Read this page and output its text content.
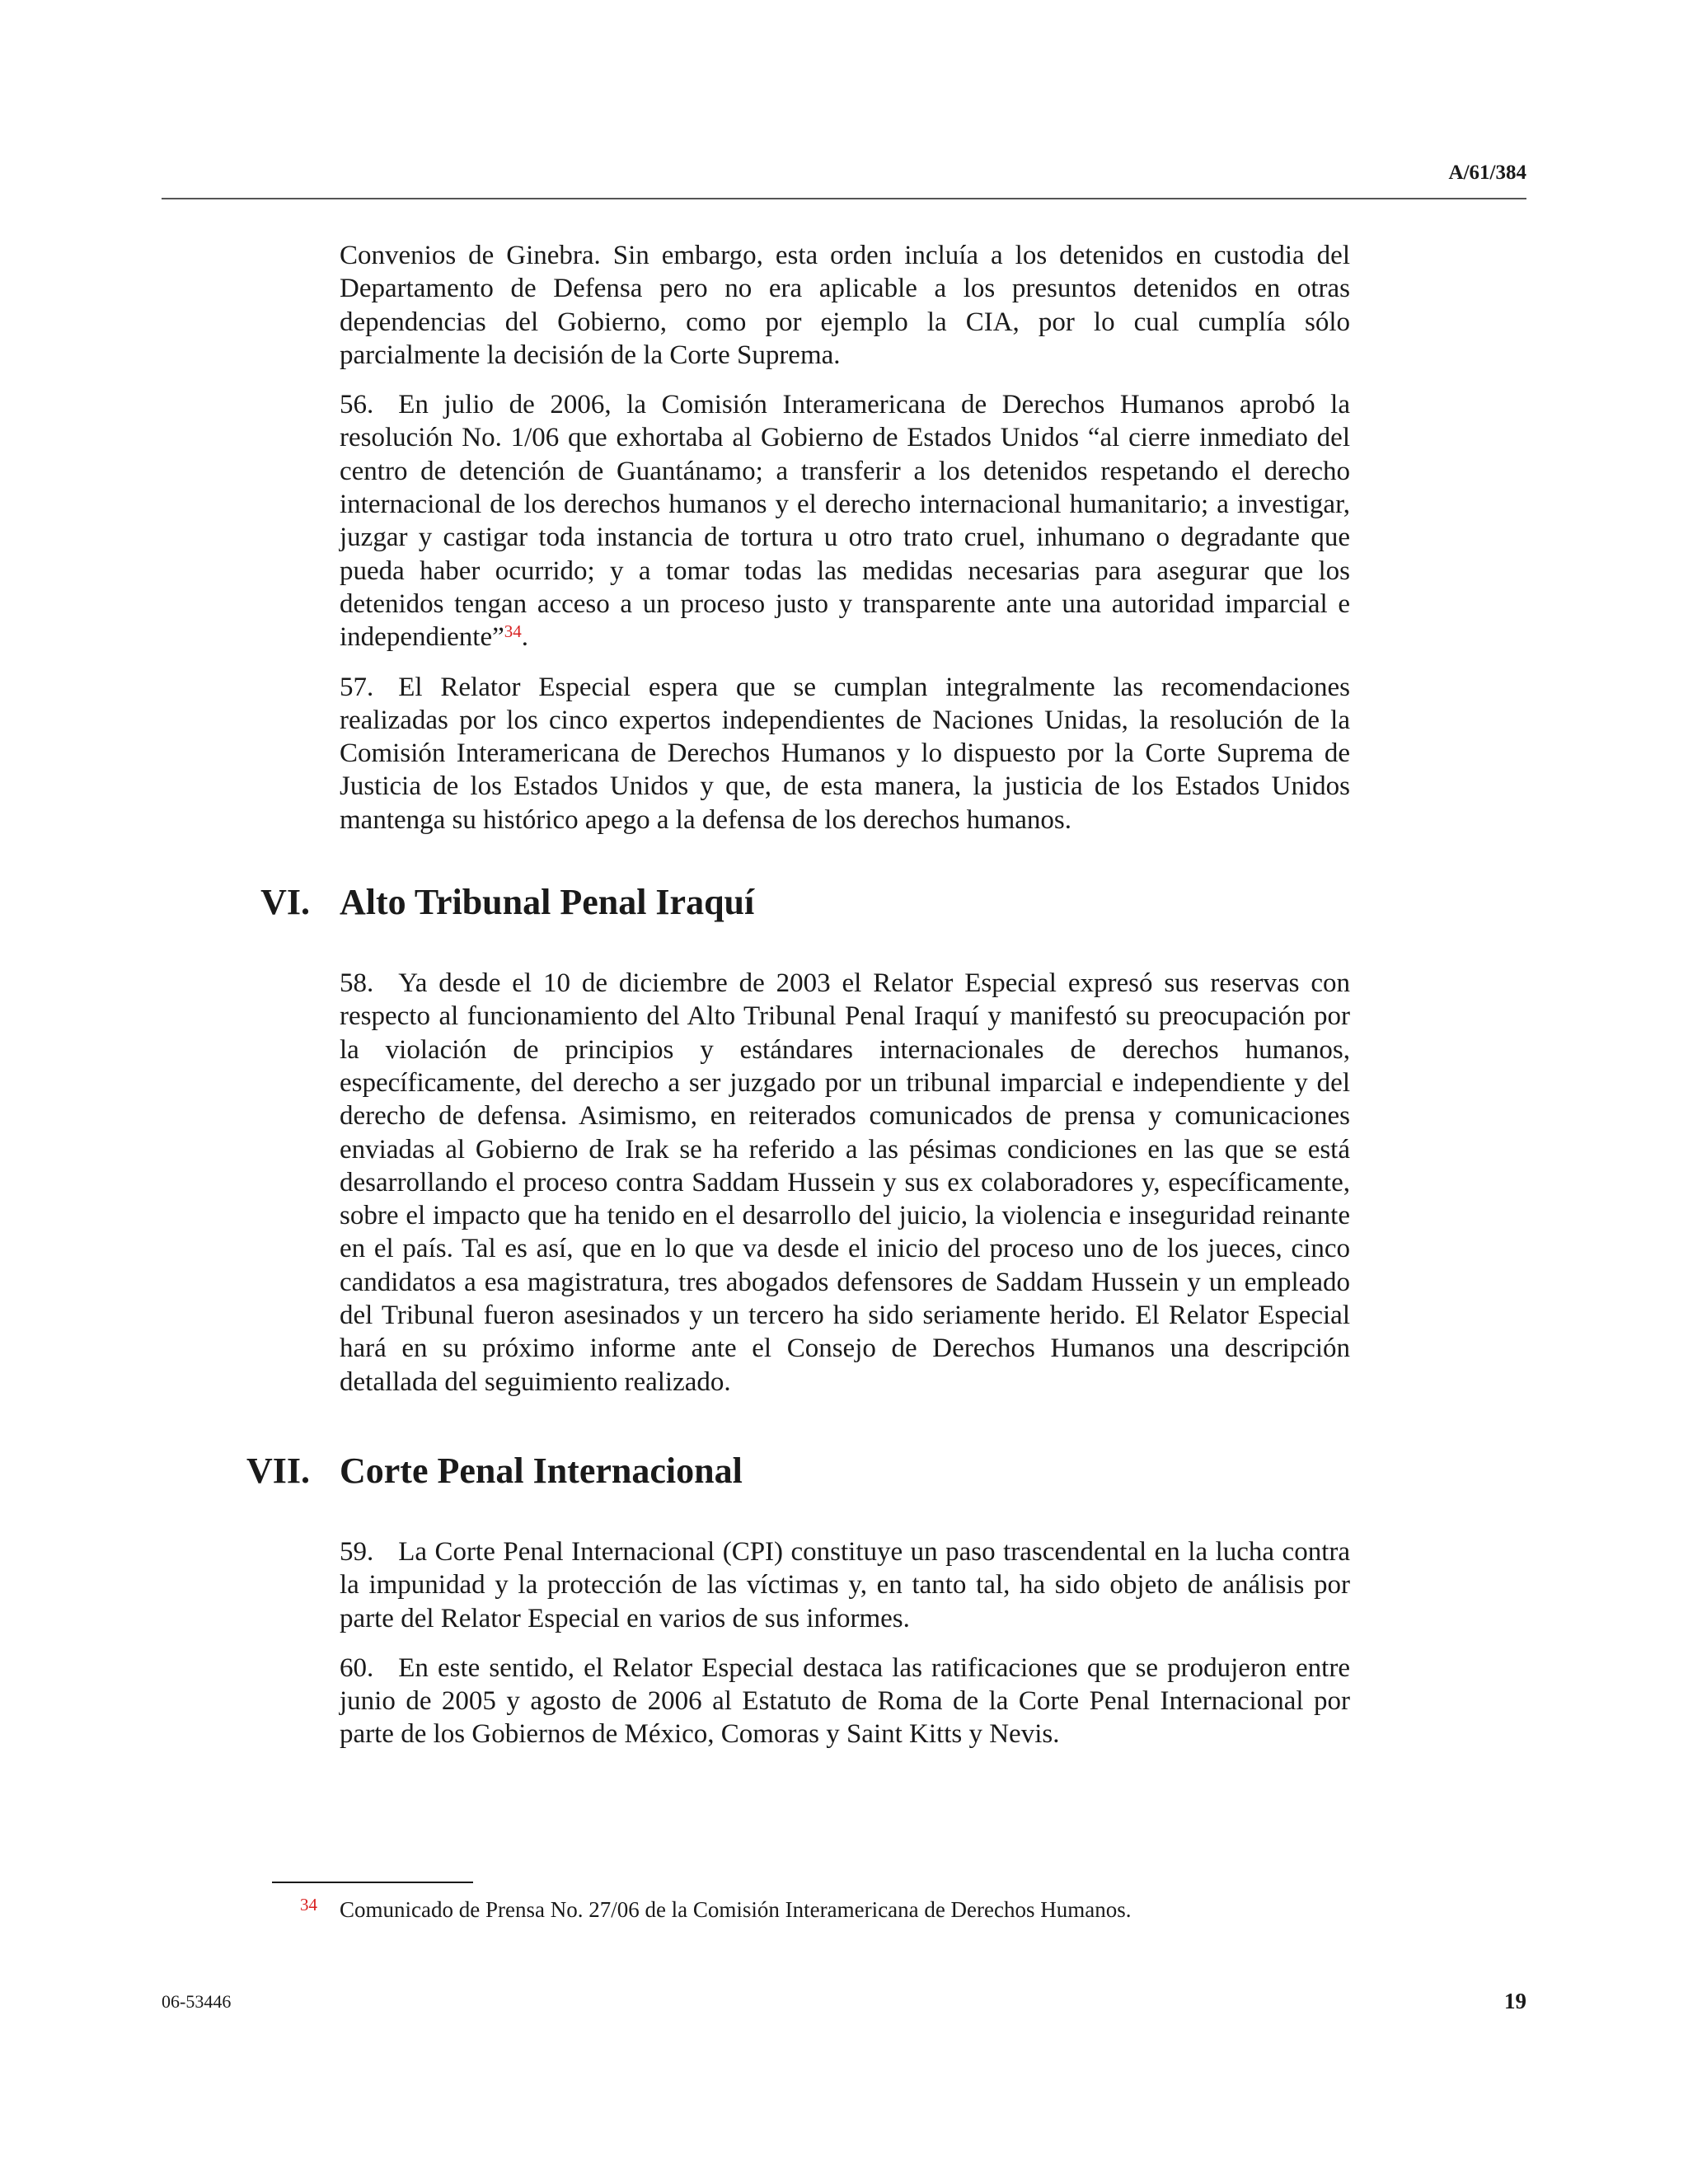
A/61/384

Convenios de Ginebra. Sin embargo, esta orden incluía a los detenidos en custodia del Departamento de Defensa pero no era aplicable a los presuntos detenidos en otras dependencias del Gobierno, como por ejemplo la CIA, por lo cual cumplía sólo parcialmente la decisión de la Corte Suprema.

56. En julio de 2006, la Comisión Interamericana de Derechos Humanos aprobó la resolución No. 1/06 que exhortaba al Gobierno de Estados Unidos “al cierre inmediato del centro de detención de Guantánamo; a transferir a los detenidos respetando el derecho internacional de los derechos humanos y el derecho internacional humanitario; a investigar, juzgar y castigar toda instancia de tortura u otro trato cruel, inhumano o degradante que pueda haber ocurrido; y a tomar todas las medidas necesarias para asegurar que los detenidos tengan acceso a un proceso justo y transparente ante una autoridad imparcial e independiente”$^{34}$.

57. El Relator Especial espera que se cumplan integralmente las recomendaciones realizadas por los cinco expertos independientes de Naciones Unidas, la resolución de la Comisión Interamericana de Derechos Humanos y lo dispuesto por la Corte Suprema de Justicia de los Estados Unidos y que, de esta manera, la justicia de los Estados Unidos mantenga su histórico apego a la defensa de los derechos humanos.

VI. Alto Tribunal Penal Iraquí

58. Ya desde el 10 de diciembre de 2003 el Relator Especial expresó sus reservas con respecto al funcionamiento del Alto Tribunal Penal Iraquí y manifestó su preocupación por la violación de principios y estándares internacionales de derechos humanos, específicamente, del derecho a ser juzgado por un tribunal imparcial e independiente y del derecho de defensa. Asimismo, en reiterados comunicados de prensa y comunicaciones enviadas al Gobierno de Irak se ha referido a las pésimas condiciones en las que se está desarrollando el proceso contra Saddam Hussein y sus ex colaboradores y, específicamente, sobre el impacto que ha tenido en el desarrollo del juicio, la violencia e inseguridad reinante en el país. Tal es así, que en lo que va desde el inicio del proceso uno de los jueces, cinco candidatos a esa magistratura, tres abogados defensores de Saddam Hussein y un empleado del Tribunal fueron asesinados y un tercero ha sido seriamente herido. El Relator Especial hará en su próximo informe ante el Consejo de Derechos Humanos una descripción detallada del seguimiento realizado.

VII. Corte Penal Internacional

59. La Corte Penal Internacional (CPI) constituye un paso trascendental en la lucha contra la impunidad y la protección de las víctimas y, en tanto tal, ha sido objeto de análisis por parte del Relator Especial en varios de sus informes.

60. En este sentido, el Relator Especial destaca las ratificaciones que se produjeron entre junio de 2005 y agosto de 2006 al Estatuto de Roma de la Corte Penal Internacional por parte de los Gobiernos de México, Comoras y Saint Kitts y Nevis.

34 Comunicado de Prensa No. 27/06 de la Comisión Interamericana de Derechos Humanos.
06-53446	19
